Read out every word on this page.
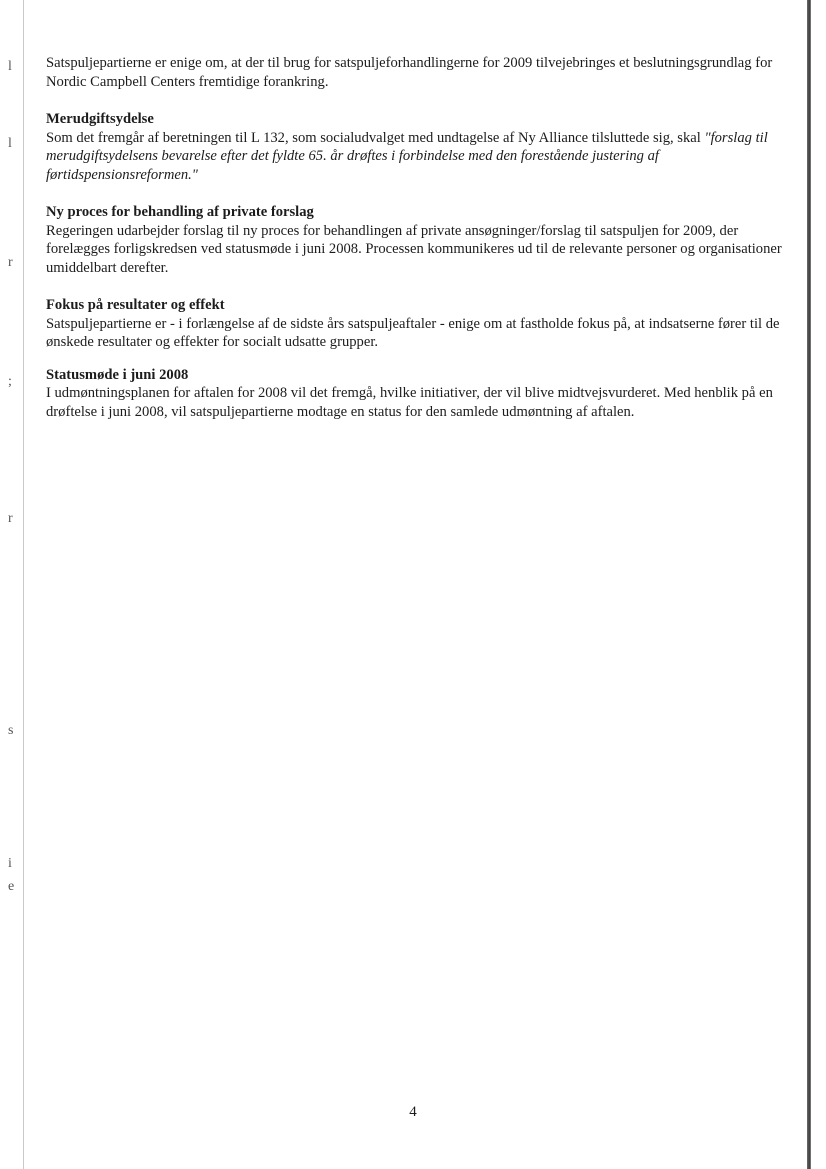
l
l
r
;
r
s
i
e

Satspuljepartierne er enige om, at der til brug for satspuljeforhandlingerne for 2009 tilvejebringes et beslutningsgrundlag for Nordic Campbell Centers fremtidige forankring.

Merudgiftsydelse

Som det fremgår af beretningen til L 132, som socialudvalget med undtagelse af Ny Alliance tilsluttede sig, skal "forslag til merudgiftsydelsens bevarelse efter det fyldte 65. år drøftes i forbindelse med den forestående justering af førtidspensionsreformen."

Ny proces for behandling af private forslag

Regeringen udarbejder forslag til ny proces for behandlingen af private ansøgninger/forslag til satspuljen for 2009, der forelægges forligskredsen ved statusmøde i juni 2008. Processen kommunikeres ud til de relevante personer og organisationer umiddelbart derefter.

Fokus på resultater og effekt

Satspuljepartierne er - i forlængelse af de sidste års satspuljeaftaler - enige om at fastholde fokus på, at indsatserne fører til de ønskede resultater og effekter for socialt udsatte grupper.

Statusmøde i juni 2008

I udmøntningsplanen for aftalen for 2008 vil det fremgå, hvilke initiativer, der vil blive midtvejsvurderet. Med henblik på en drøftelse i juni 2008, vil satspuljepartierne modtage en status for den samlede udmøntning af aftalen.

4
